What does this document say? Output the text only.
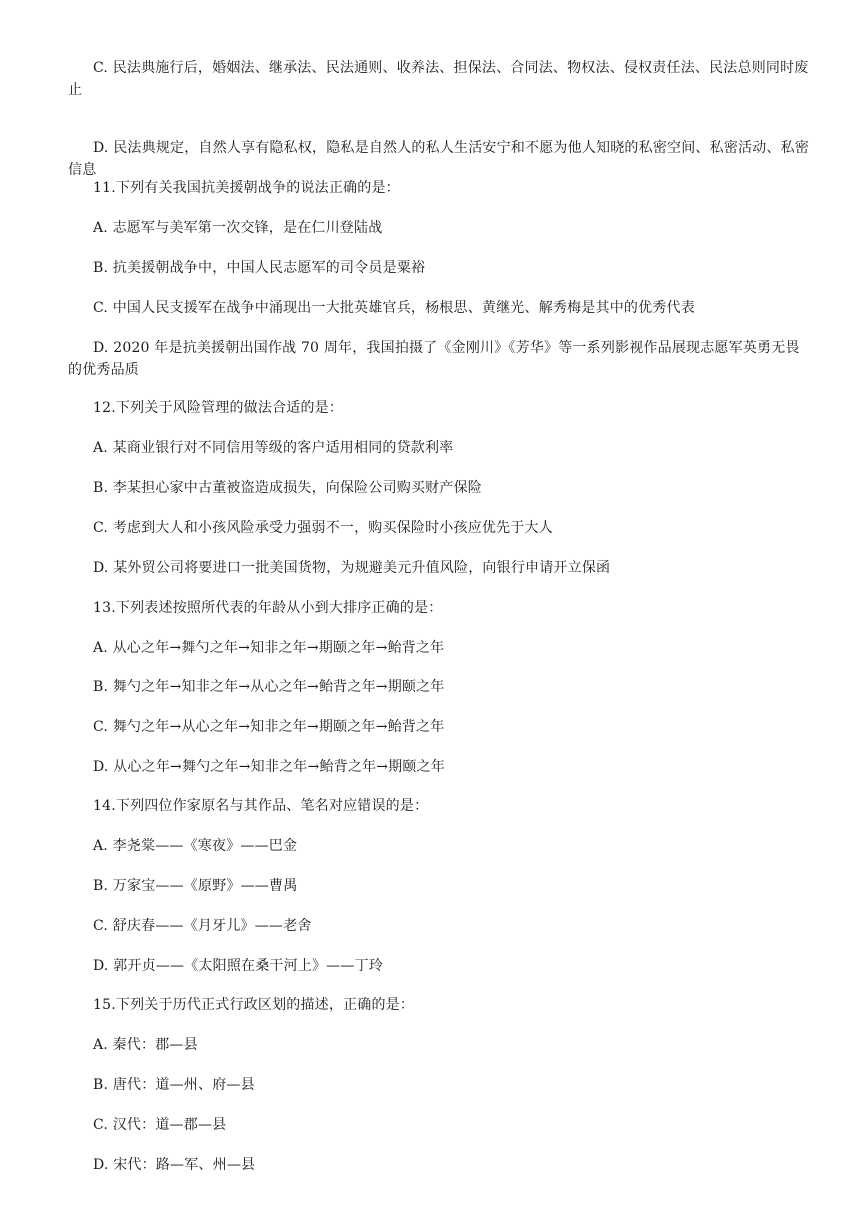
C. 民法典施行后，婚姻法、继承法、民法通则、收养法、担保法、合同法、物权法、侵权责任法、民法总则同时废止

D. 民法典规定，自然人享有隐私权，隐私是自然人的私人生活安宁和不愿为他人知晓的私密空间、私密活动、私密信息

11.下列有关我国抗美援朝战争的说法正确的是：

A. 志愿军与美军第一次交锋，是在仁川登陆战

B. 抗美援朝战争中，中国人民志愿军的司令员是粟裕

C. 中国人民支援军在战争中涌现出一大批英雄官兵，杨根思、黄继光、解秀梅是其中的优秀代表

D. 2020 年是抗美援朝出国作战 70 周年，我国拍摄了《金刚川》《芳华》等一系列影视作品展现志愿军英勇无畏的优秀品质

12.下列关于风险管理的做法合适的是：

A. 某商业银行对不同信用等级的客户适用相同的贷款利率

B. 李某担心家中古董被盗造成损失，向保险公司购买财产保险

C. 考虑到大人和小孩风险承受力强弱不一，购买保险时小孩应优先于大人

D. 某外贸公司将要进口一批美国货物，为规避美元升值风险，向银行申请开立保函

13.下列表述按照所代表的年龄从小到大排序正确的是：

A. 从心之年→舞勺之年→知非之年→期颐之年→鲐背之年

B. 舞勺之年→知非之年→从心之年→鲐背之年→期颐之年

C. 舞勺之年→从心之年→知非之年→期颐之年→鲐背之年

D. 从心之年→舞勺之年→知非之年→鲐背之年→期颐之年

14.下列四位作家原名与其作品、笔名对应错误的是：

A. 李尧棠——《寒夜》——巴金

B. 万家宝——《原野》——曹禺

C. 舒庆春——《月牙儿》——老舍

D. 郭开贞——《太阳照在桑干河上》——丁玲

15.下列关于历代正式行政区划的描述，正确的是：

A. 秦代：郡—县

B. 唐代：道—州、府—县

C. 汉代：道—郡—县

D. 宋代：路—军、州—县
